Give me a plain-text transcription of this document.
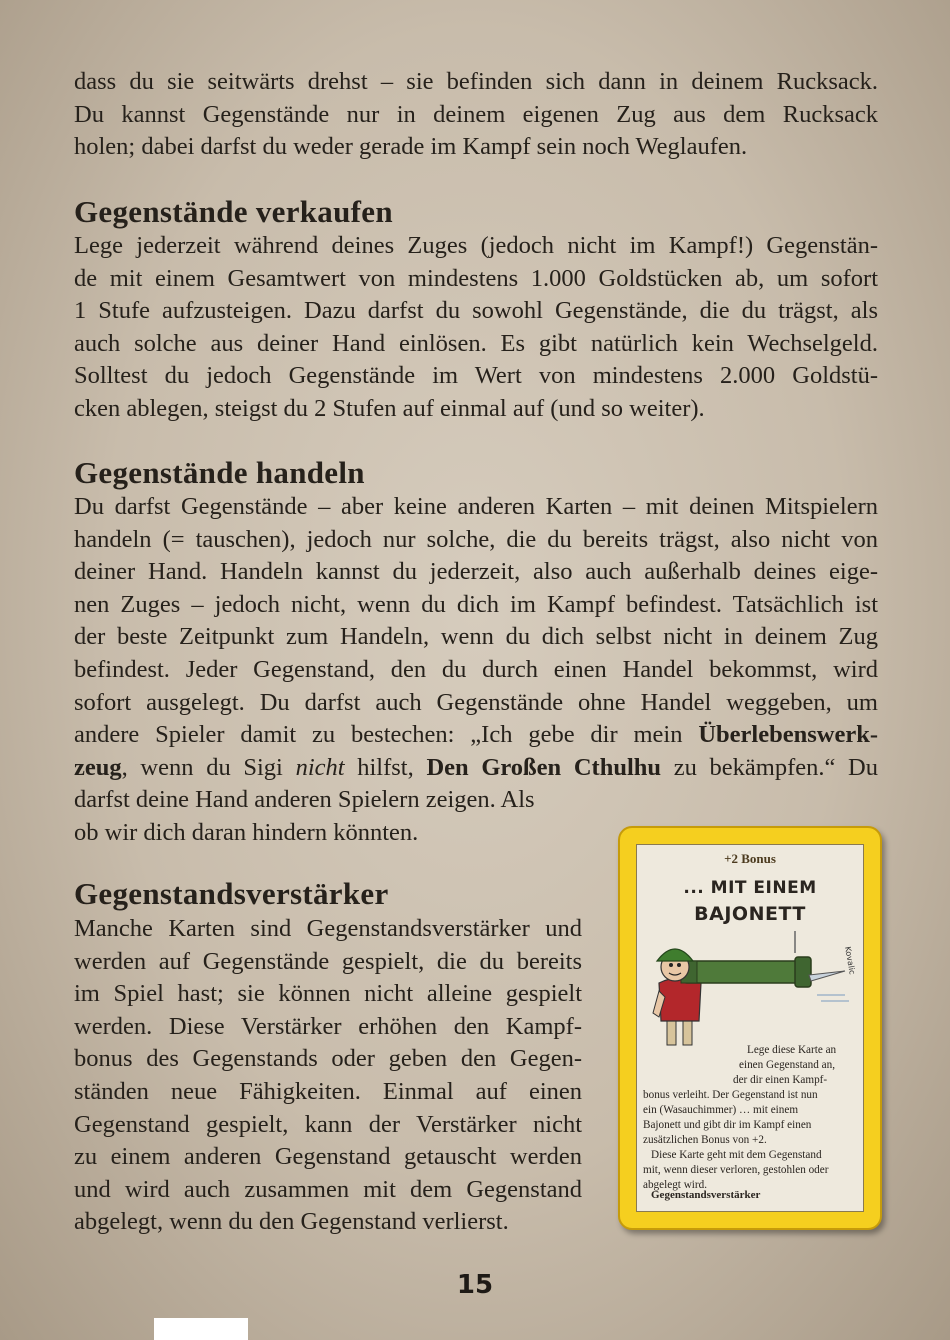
dass du sie seitwärts drehst – sie befinden sich dann in deinem Rucksack.
Du kannst Gegenstände nur in deinem eigenen Zug aus dem Rucksack
holen; dabei darfst du weder gerade im Kampf sein noch Weglaufen.
Gegenstände verkaufen
Lege jederzeit während deines Zuges (jedoch nicht im Kampf!) Gegenstän-
de mit einem Gesamtwert von mindestens 1.000 Goldstücken ab, um sofort
1 Stufe aufzusteigen. Dazu darfst du sowohl Gegenstände, die du trägst, als
auch solche aus deiner Hand einlösen. Es gibt natürlich kein Wechselgeld.
Solltest du jedoch Gegenstände im Wert von mindestens 2.000 Goldstü-
cken ablegen, steigst du 2 Stufen auf einmal auf (und so weiter).
Gegenstände handeln
Du darfst Gegenstände – aber keine anderen Karten – mit deinen Mitspielern
handeln (= tauschen), jedoch nur solche, die du bereits trägst, also nicht von
deiner Hand. Handeln kannst du jederzeit, also auch außerhalb deines eige-
nen Zuges – jedoch nicht, wenn du dich im Kampf befindest. Tatsächlich ist
der beste Zeitpunkt zum Handeln, wenn du dich selbst nicht in deinem Zug
befindest. Jeder Gegenstand, den du durch einen Handel bekommst, wird
sofort ausgelegt. Du darfst auch Gegenstände ohne Handel weggeben, um
andere Spieler damit zu bestechen: „Ich gebe dir mein Überlebenswerk-
zeug, wenn du Sigi nicht hilfst, Den Großen Cthulhu zu bekämpfen.“ Du
darfst deine Hand anderen Spielern zeigen. Als
ob wir dich daran hindern könnten.
Gegenstandsverstärker
Manche Karten sind Gegenstandsverstärker und
werden auf Gegenstände gespielt, die du bereits
im Spiel hast; sie können nicht alleine gespielt
werden. Diese Verstärker erhöhen den Kampf-
bonus des Gegenstands oder geben den Gegen-
ständen neue Fähigkeiten. Einmal auf einen
Gegenstand gespielt, kann der Verstärker nicht
zu einem anderen Gegenstand getauscht werden
und wird auch zusammen mit dem Gegenstand
abgelegt, wenn du den Gegenstand verlierst.
+2 Bonus
... MIT EINEM
BAJONETT
Kovalic
Lege diese Karte an
einen Gegenstand an,
der dir einen Kampf-
bonus verleiht. Der Gegenstand ist nun
ein (Wasauchimmer) … mit einem
Bajonett und gibt dir im Kampf einen
zusätzlichen Bonus von +2.
Diese Karte geht mit dem Gegenstand
mit, wenn dieser verloren, gestohlen oder
abgelegt wird.
Gegenstandsverstärker
15
